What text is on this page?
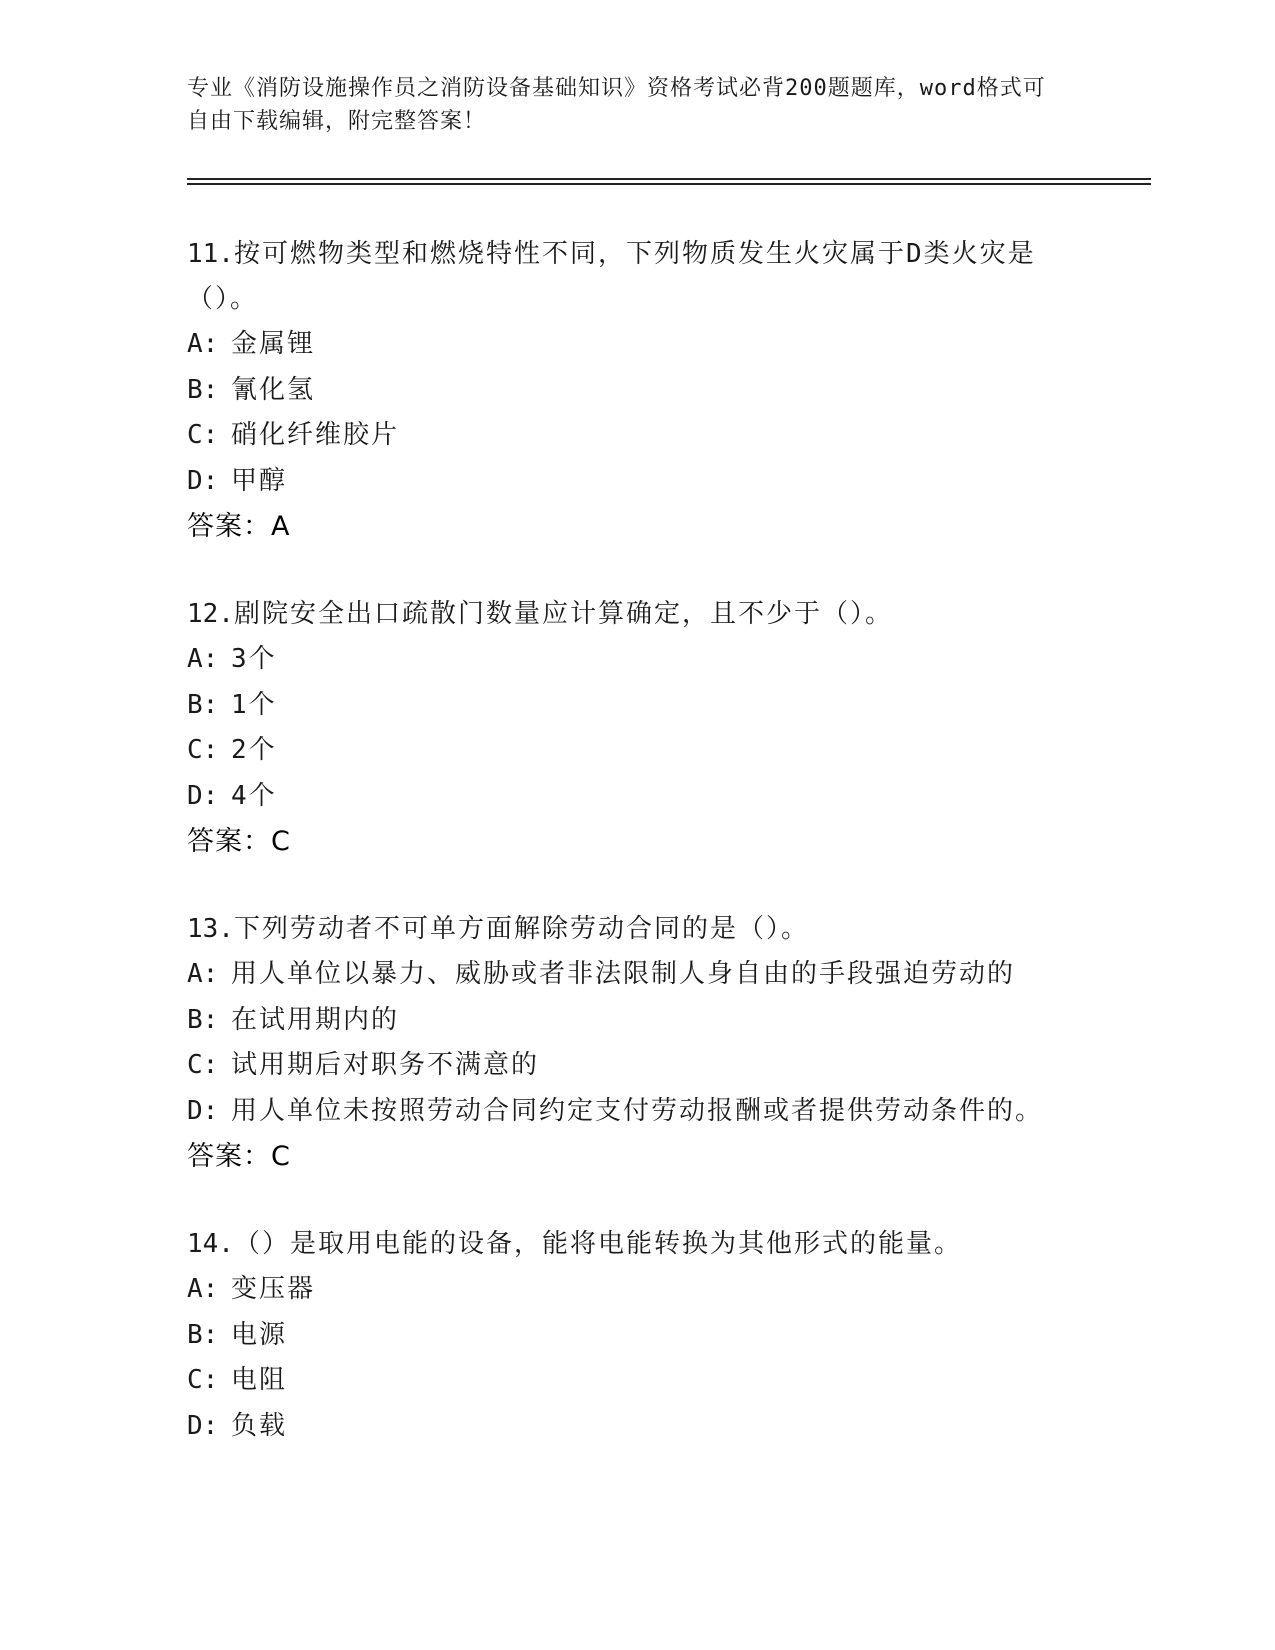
专业《消防设施操作员之消防设备基础知识》资格考试必背200题题库，word格式可自由下载编辑，附完整答案！
11.按可燃物类型和燃烧特性不同，下列物质发生火灾属于D类火灾是（）。
A: 金属锂
B: 氰化氢
C: 硝化纤维胶片
D: 甲醇
答案：A
12.剧院安全出口疏散门数量应计算确定，且不少于（）。
A: 3个
B: 1个
C: 2个
D: 4个
答案：C
13.下列劳动者不可单方面解除劳动合同的是（）。
A: 用人单位以暴力、威胁或者非法限制人身自由的手段强迫劳动的
B: 在试用期内的
C: 试用期后对职务不满意的
D: 用人单位未按照劳动合同约定支付劳动报酬或者提供劳动条件的。
答案：C
14.（）是取用电能的设备，能将电能转换为其他形式的能量。
A: 变压器
B: 电源
C: 电阻
D: 负载
